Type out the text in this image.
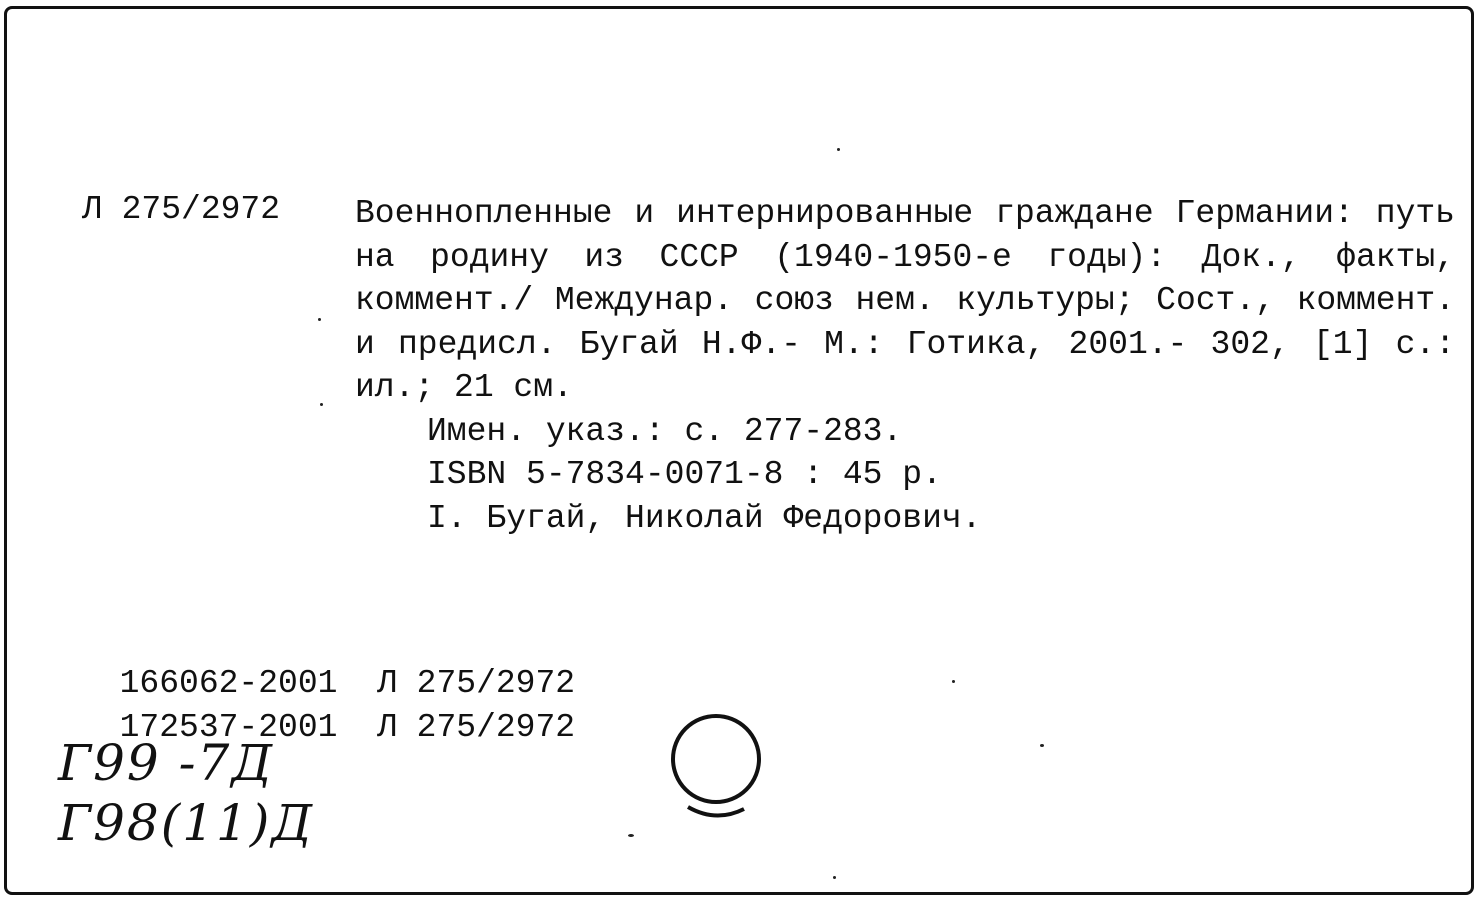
Л 275/2972 Военнопленные и интернированные граждане Германии: путь на родину из СССР (1940-1950-е годы): Док., факты, коммент./ Междунар. союз нем. культуры; Сост., коммент. и предисл. Бугай Н.Ф.- М.: Готика, 2001.- 302, [1] с.: ил.; 21 см.

Имен. указ.: с. 277-283.

ISBN 5-7834-0071-8 : 45 р.

I. Бугай, Николай Федорович.

166062-2001 Л 275/2972

172537-2001 Л 275/2972

Г99 -7Д
Г98(11)Д
